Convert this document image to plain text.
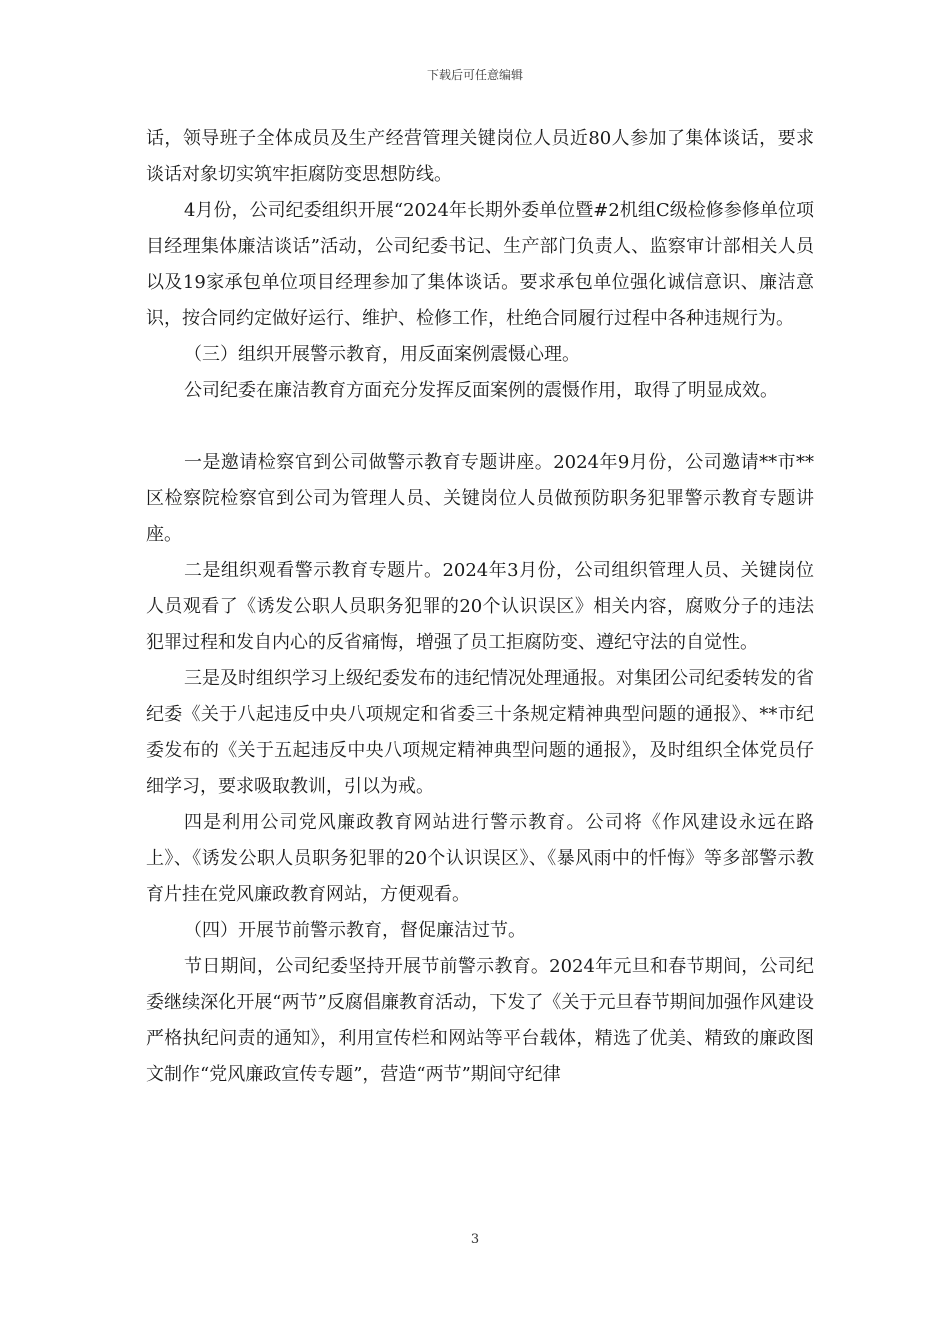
下载后可任意编辑

话，领导班子全体成员及生产经营管理关键岗位人员近80人参加了集体谈话，要求谈话对象切实筑牢拒腐防变思想防线。

4月份，公司纪委组织开展“2024年长期外委单位暨#2机组C级检修参修单位项目经理集体廉洁谈话”活动，公司纪委书记、生产部门负责人、监察审计部相关人员以及19家承包单位项目经理参加了集体谈话。要求承包单位强化诚信意识、廉洁意识，按合同约定做好运行、维护、检修工作，杜绝合同履行过程中各种违规行为。

（三）组织开展警示教育，用反面案例震慑心理。

公司纪委在廉洁教育方面充分发挥反面案例的震慑作用，取得了明显成效。

一是邀请检察官到公司做警示教育专题讲座。2024年9月份，公司邀请**市**区检察院检察官到公司为管理人员、关键岗位人员做预防职务犯罪警示教育专题讲座。

二是组织观看警示教育专题片。2024年3月份，公司组织管理人员、关键岗位人员观看了《诱发公职人员职务犯罪的20个认识误区》相关内容，腐败分子的违法犯罪过程和发自内心的反省痛悔，增强了员工拒腐防变、遵纪守法的自觉性。

三是及时组织学习上级纪委发布的违纪情况处理通报。对集团公司纪委转发的省纪委《关于八起违反中央八项规定和省委三十条规定精神典型问题的通报》、**市纪委发布的《关于五起违反中央八项规定精神典型问题的通报》，及时组织全体党员仔细学习，要求吸取教训，引以为戒。

四是利用公司党风廉政教育网站进行警示教育。公司将《作风建设永远在路上》、《诱发公职人员职务犯罪的20个认识误区》、《暴风雨中的忏悔》等多部警示教育片挂在党风廉政教育网站，方便观看。

（四）开展节前警示教育，督促廉洁过节。

节日期间，公司纪委坚持开展节前警示教育。2024年元旦和春节期间，公司纪委继续深化开展“两节”反腐倡廉教育活动，下发了《关于元旦春节期间加强作风建设严格执纪问责的通知》，利用宣传栏和网站等平台载体，精选了优美、精致的廉政图文制作“党风廉政宣传专题”，营造“两节”期间守纪律

3
